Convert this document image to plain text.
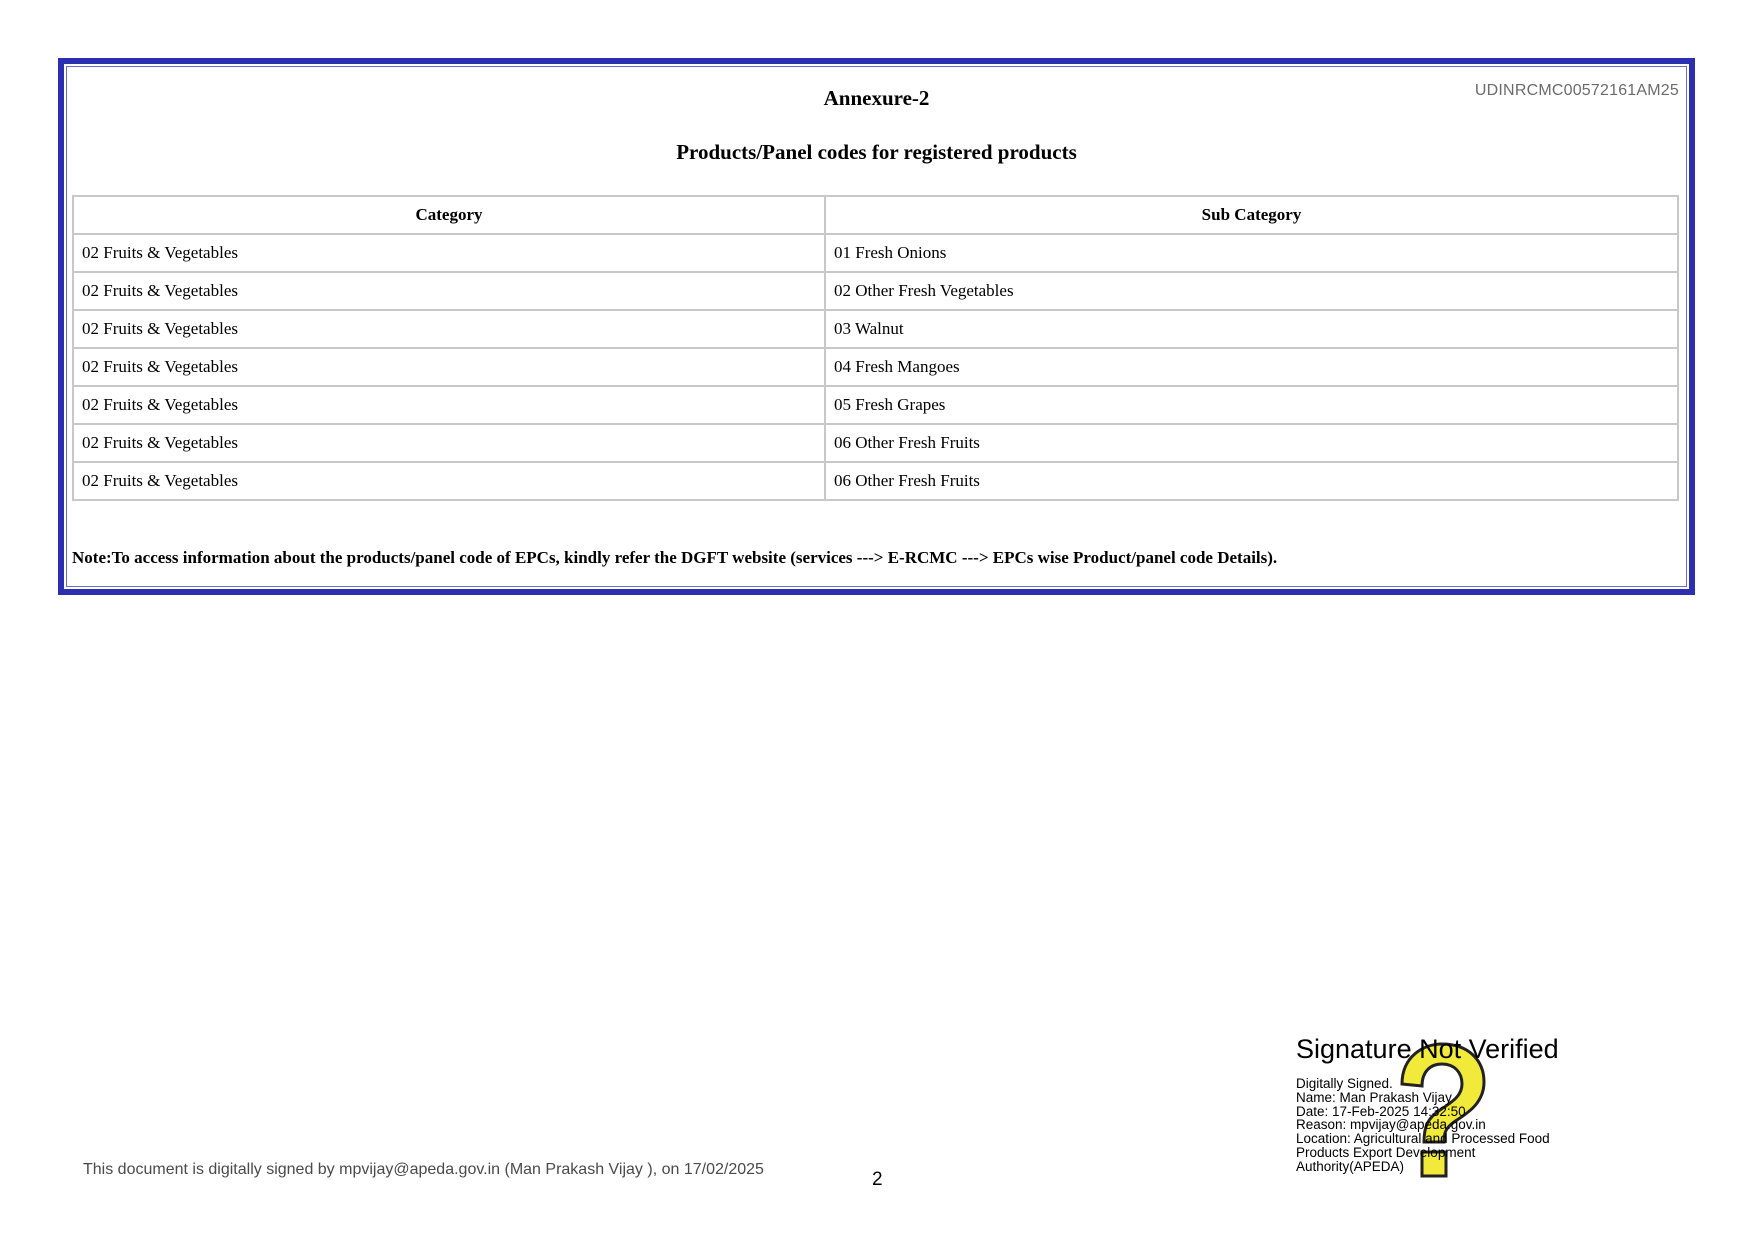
UDINRCMC00572161AM25
Annexure-2
Products/Panel codes for registered products
Category	Sub Category
02 Fruits & Vegetables	01 Fresh Onions
02 Fruits & Vegetables	02 Other Fresh Vegetables
02 Fruits & Vegetables	03 Walnut
02 Fruits & Vegetables	04 Fresh Mangoes
02 Fruits & Vegetables	05 Fresh Grapes
02 Fruits & Vegetables	06 Other Fresh Fruits
02 Fruits & Vegetables	06 Other Fresh Fruits
Note:To access information about the products/panel code of EPCs, kindly refer the DGFT website (services ---> E-RCMC ---> EPCs wise Product/panel code Details).
This document is digitally signed by mpvijay@apeda.gov.in (Man Prakash Vijay ), on 17/02/2025	2
Signature Not Verified
Digitally Signed.
Name: Man Prakash Vijay
Date: 17-Feb-2025 14:32:50
Reason: mpvijay@apeda.gov.in
Location: Agricultural and Processed Food
Products Export Development
Authority(APEDA)
